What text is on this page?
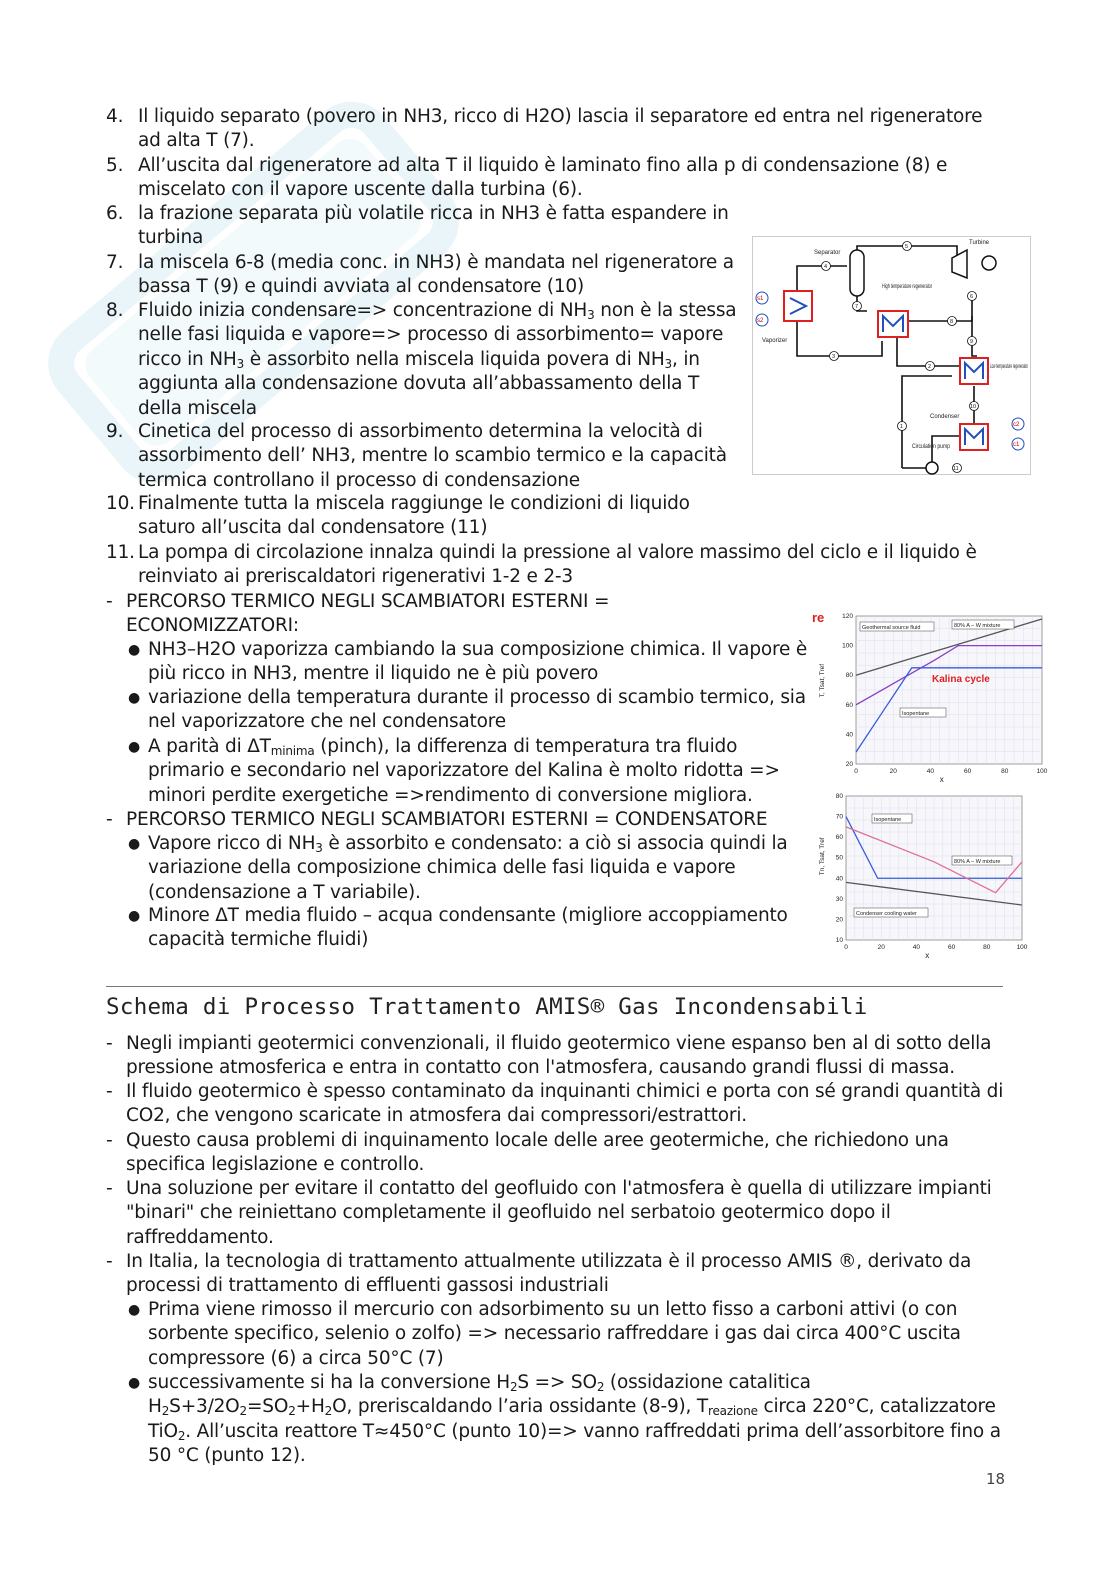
4. Il liquido separato (povero in NH3, ricco di H2O) lascia il separatore ed entra nel rigeneratore ad alta T (7).
5. All’uscita dal rigeneratore ad alta T il liquido è laminato fino alla p di condensazione (8) e miscelato con il vapore uscente dalla turbina (6).
6. la frazione separata più volatile ricca in NH3 è fatta espandere in turbina
7. la miscela 6-8 (media conc. in NH3) è mandata nel rigeneratore a bassa T (9) e quindi avviata al condensatore (10)
8. Fluido inizia condensare=> concentrazione di $NH_3$ non è la stessa nelle fasi liquida e vapore=> processo di assorbimento= vapore ricco in $NH_3$ è assorbito nella miscela liquida povera di $NH_3$, in aggiunta alla condensazione dovuta all’abbassamento della T della miscela
9. Cinetica del processo di assorbimento determina la velocità di assorbimento dell’ NH3, mentre lo scambio termico e la capacità termica controllano il processo di condensazione
10. Finalmente tutta la miscela raggiunge le condizioni di liquido saturo all’uscita dal condensatore (11)
11. La pompa di circolazione innalza quindi la pressione al valore massimo del ciclo e il liquido è reinviato ai preriscaldatori rigenerativi 1-2 e 2-3
- PERCORSO TERMICO NEGLI SCAMBIATORI ESTERNI = ECONOMIZZATORI:
● NH3–H2O vaporizza cambiando la sua composizione chimica. Il vapore è più ricco in NH3, mentre il liquido ne è più povero
● variazione della temperatura durante il processo di scambio termico, sia nel vaporizzatore che nel condensatore
● A parità di $\Delta T_{minima}$ (pinch), la differenza di temperatura tra fluido primario e secondario nel vaporizzatore del Kalina è molto ridotta => minori perdite exergetiche =>rendimento di conversione migliora.
- PERCORSO TERMICO NEGLI SCAMBIATORI ESTERNI = CONDENSATORE
● Vapore ricco di $NH_3$ è assorbito e condensato: a ciò si associa quindi la variazione della composizione chimica delle fasi liquida e vapore (condensazione a T variabile).
● Minore ΔT media fluido – acqua condensante (migliore accoppiamento capacità termiche fluidi)
Schema di Processo Trattamento AMIS® Gas Incondensabili
- Negli impianti geotermici convenzionali, il fluido geotermico viene espanso ben al di sotto della pressione atmosferica e entra in contatto con l'atmosfera, causando grandi flussi di massa.
- Il fluido geotermico è spesso contaminato da inquinanti chimici e porta con sé grandi quantità di CO2, che vengono scaricate in atmosfera dai compressori/estrattori.
- Questo causa problemi di inquinamento locale delle aree geotermiche, che richiedono una specifica legislazione e controllo.
- Una soluzione per evitare il contatto del geofluido con l'atmosfera è quella di utilizzare impianti "binari" che reiniettano completamente il geofluido nel serbatoio geotermico dopo il raffreddamento.
- In Italia, la tecnologia di trattamento attualmente utilizzata è il processo AMIS ®, derivato da processi di trattamento di effluenti gassosi industriali
● Prima viene rimosso il mercurio con adsorbimento su un letto fisso a carboni attivi (o con sorbente specifico, selenio o zolfo) => necessario raffreddare i gas dai circa 400°C uscita compressore (6) a circa 50°C (7)
● successivamente si ha la conversione $H_2S => SO_2$ (ossidazione catalitica $H_2S+3/2O_2=SO_2+H_2O$, preriscaldando l’aria ossidante (8-9), $T_{reazione}$ circa 220°C, catalizzatore TiO$_2$. All’uscita reattore T≈450°C (punto 10)=> vanno raffreddati prima dell’assorbitore fino a 50 °C (punto 12).
18
Separator
Turbine
High temperature regenerator
Vaporizer
Low temperature regenerator
Condenser
Circulation pump
s1
s2
c2
c1
1
2
3
4
5
6
7
8
9
10
11
re
0	20	40	60	80	100
20
40
60
80
100
120
x
T, Tsat, Tref
Geothermal source fluid	80% A – W mixture
Isopentane
Kalina cycle
0	20	40	60	80	100
10
20
30
40
50
60
70
80
x
Tn, Tsat, Tref
Isopentane
80% A – W mixture
Condenser cooling water
